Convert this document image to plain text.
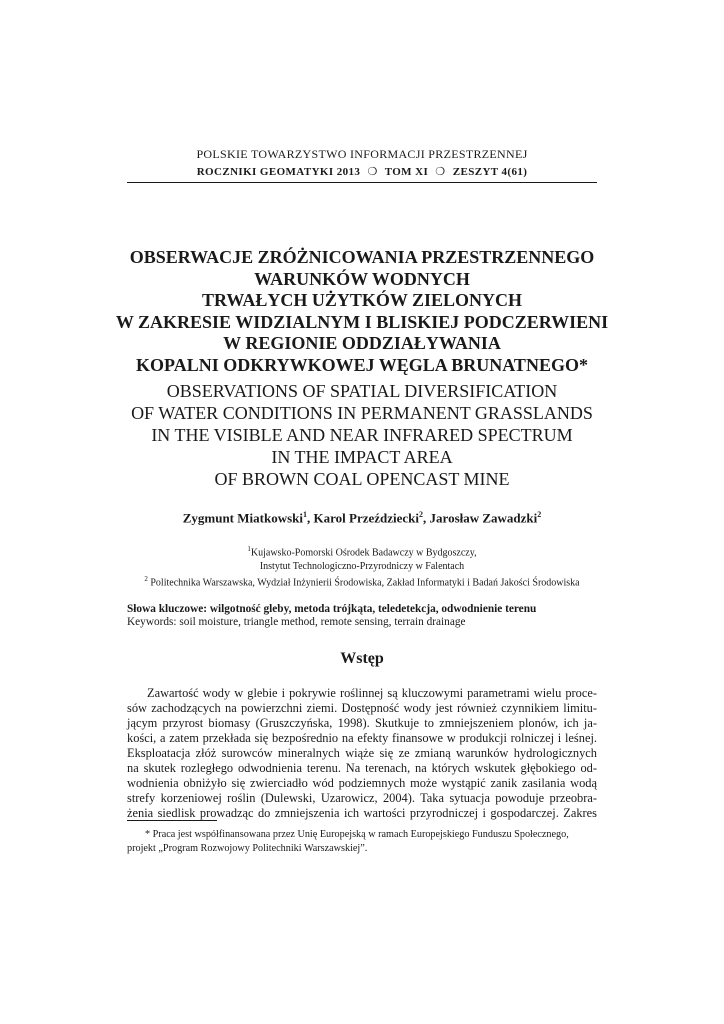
POLSKIE TOWARZYSTWO INFORMACJI PRZESTRZENNEJ
ROCZNIKI GEOMATYKI 2013 ❍ TOM XI ❍ ZESZYT 4(61)
OBSERWACJE ZRÓŻNICOWANIA PRZESTRZENNEGO
WARUNKÓW WODNYCH
TRWAŁYCH UŻYTKÓW ZIELONYCH
W ZAKRESIE WIDZIALNYM I BLISKIEJ PODCZERWIENI
W REGIONIE ODDZIAŁYWANIA
KOPALNI ODKRYWKOWEJ WĘGLA BRUNATNEGO*
OBSERVATIONS OF SPATIAL DIVERSIFICATION
OF WATER CONDITIONS IN PERMANENT GRASSLANDS
IN THE VISIBLE AND NEAR INFRARED SPECTRUM
IN THE IMPACT AREA
OF BROWN COAL OPENCAST MINE
Zygmunt Miatkowski$^1$, Karol Przeździecki$^2$, Jarosław Zawadzki$^2$
$^1$Kujawsko-Pomorski Ośrodek Badawczy w Bydgoszczy,
Instytut Technologiczno-Przyrodniczy w Falentach
$^2$ Politechnika Warszawska, Wydział Inżynierii Środowiska, Zakład Informatyki i Badań Jakości Środowiska
Słowa kluczowe: wilgotność gleby, metoda trójkąta, teledetekcja, odwodnienie terenu
Keywords: soil moisture, triangle method, remote sensing, terrain drainage
Wstęp
Zawartość wody w glebie i pokrywie roślinnej są kluczowymi parametrami wielu proce-
sów zachodzących na powierzchni ziemi. Dostępność wody jest również czynnikiem limitu-
jącym przyrost biomasy (Gruszczyńska, 1998). Skutkuje to zmniejszeniem plonów, ich ja-
kości, a zatem przekłada się bezpośrednio na efekty finansowe w produkcji rolniczej i leśnej.
Eksploatacja złóż surowców mineralnych wiąże się ze zmianą warunków hydrologicznych
na skutek rozległego odwodnienia terenu. Na terenach, na których wskutek głębokiego od-
wodnienia obniżyło się zwierciadło wód podziemnych może wystąpić zanik zasilania wodą
strefy korzeniowej roślin (Dulewski, Uzarowicz, 2004). Taka sytuacja powoduje przeobra-
żenia siedlisk prowadząc do zmniejszenia ich wartości przyrodniczej i gospodarczej. Zakres
* Praca jest współfinansowana przez Unię Europejską w ramach Europejskiego Funduszu Społecznego,
projekt „Program Rozwojowy Politechniki Warszawskiej”.
